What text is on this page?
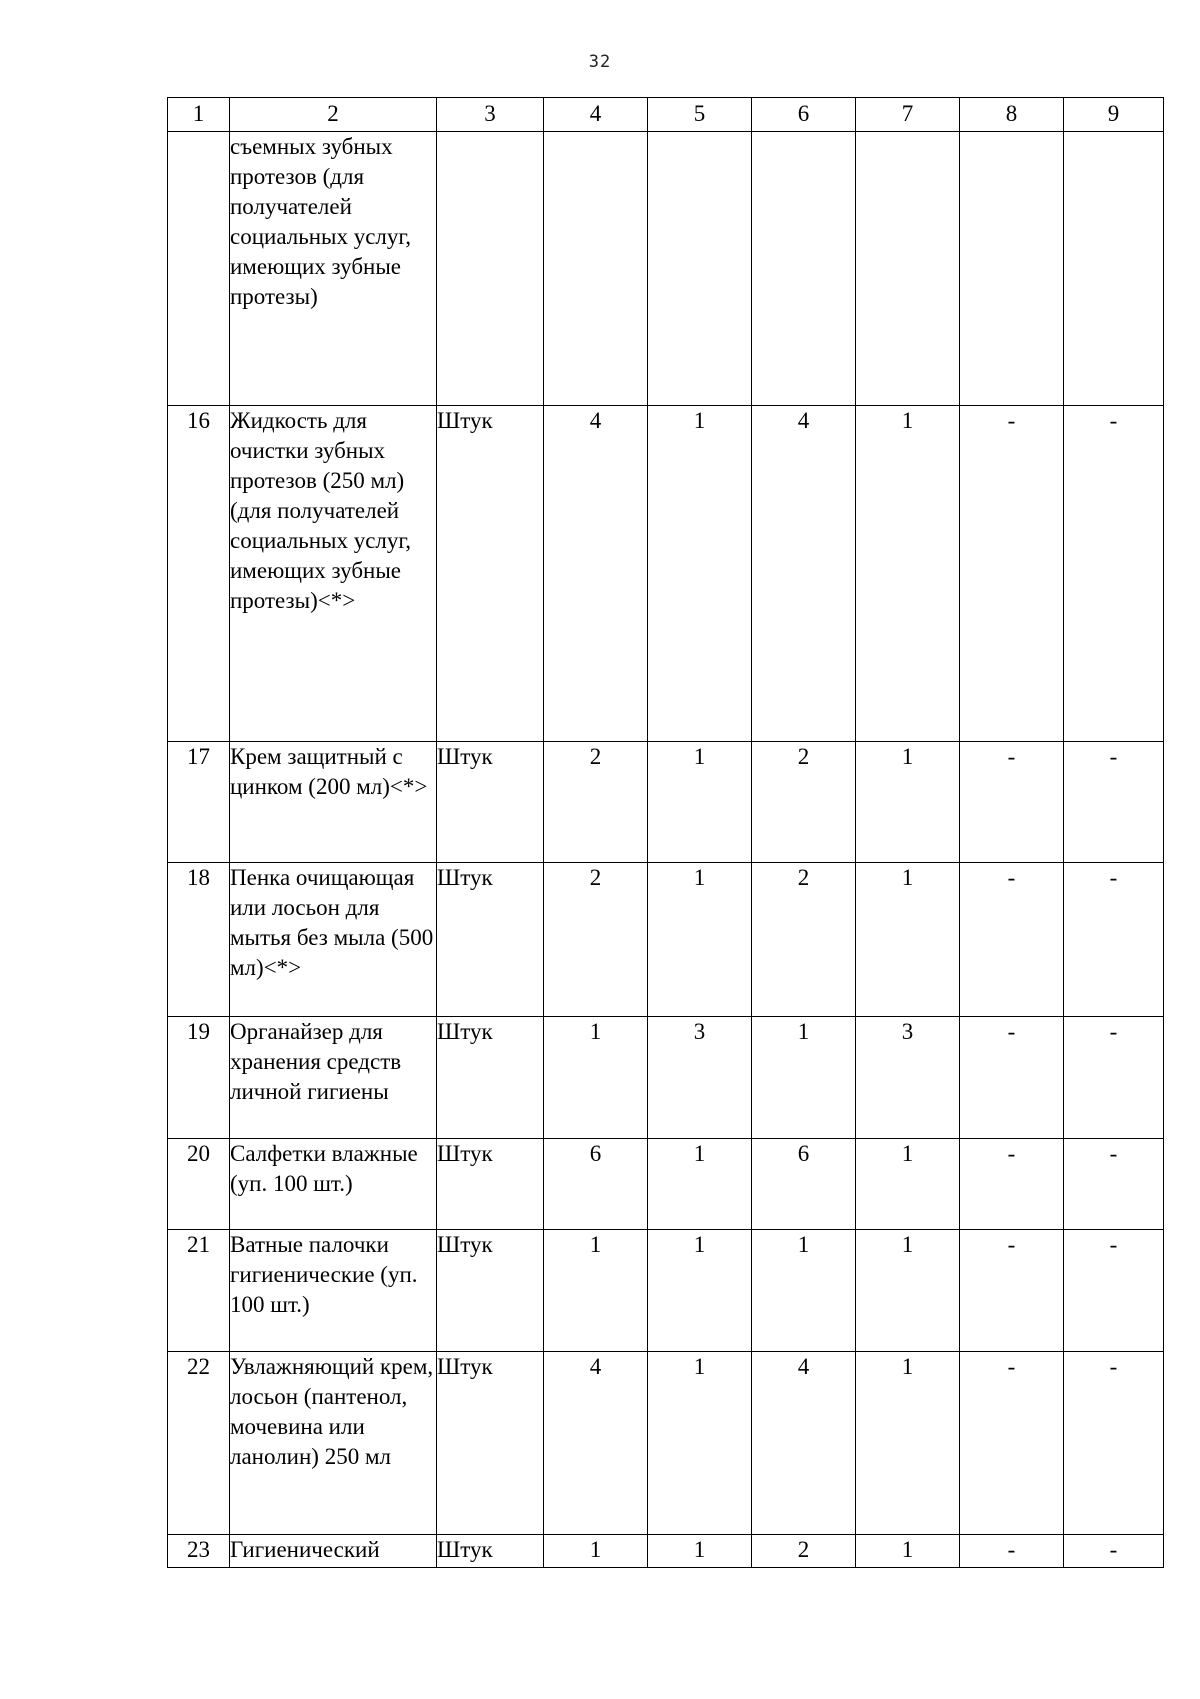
32
1	2	3	4	5	6	7	8	9
	съемных зубных протезов (для получателей социальных услуг, имеющих зубные протезы)							
16	Жидкость для очистки зубных протезов (250 мл) (для получателей социальных услуг, имеющих зубные протезы)<*>	Штук	4	1	4	1	-	-
17	Крем защитный с цинком (200 мл)<*>	Штук	2	1	2	1	-	-
18	Пенка очищающая или лосьон для мытья без мыла (500 мл)<*>	Штук	2	1	2	1	-	-
19	Органайзер для хранения средств личной гигиены	Штук	1	3	1	3	-	-
20	Салфетки влажные (уп. 100 шт.)	Штук	6	1	6	1	-	-
21	Ватные палочки гигиенические (уп. 100 шт.)	Штук	1	1	1	1	-	-
22	Увлажняющий крем, лосьон (пантенол, мочевина или ланолин) 250 мл	Штук	4	1	4	1	-	-
23	Гигиенический	Штук	1	1	2	1	-	-
